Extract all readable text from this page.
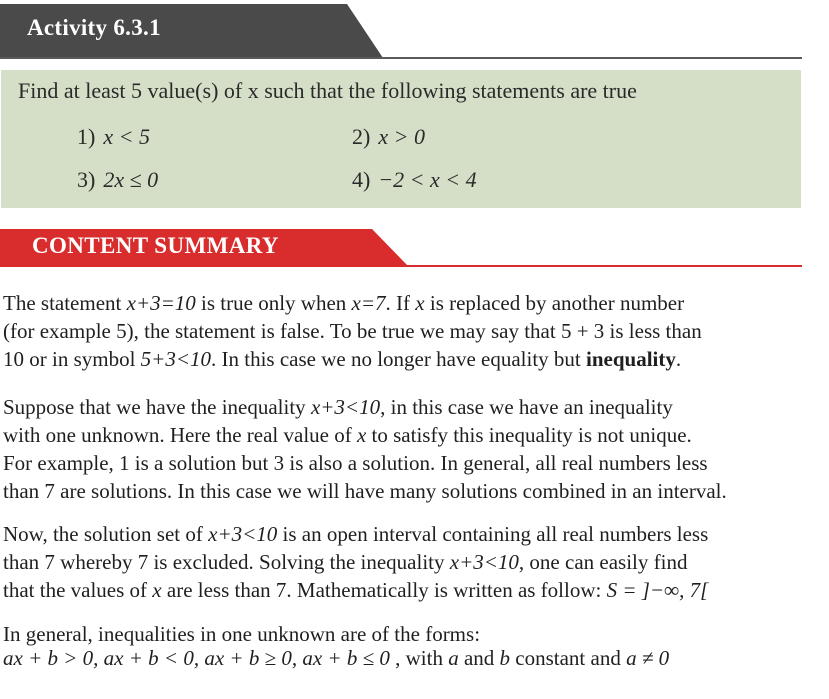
Activity 6.3.1
Find at least 5 value(s) of x such that the following statements are true
1) x < 5	2) x > 0
3) 2x ≤ 0	4) −2 < x < 4
CONTENT SUMMARY
The statement x+3=10 is true only when x=7. If x is replaced by another number
(for example 5), the statement is false. To be true we may say that 5 + 3 is less than
10 or in symbol 5+3<10. In this case we no longer have equality but inequality.
Suppose that we have the inequality x+3<10, in this case we have an inequality
with one unknown. Here the real value of x to satisfy this inequality is not unique.
For example, 1 is a solution but 3 is also a solution. In general, all real numbers less
than 7 are solutions. In this case we will have many solutions combined in an interval.
Now, the solution set of x+3<10 is an open interval containing all real numbers less
than 7 whereby 7 is excluded. Solving the inequality x+3<10, one can easily find
that the values of x are less than 7. Mathematically is written as follow: S = ]−∞, 7[
In general, inequalities in one unknown are of the forms:
ax + b > 0, ax + b < 0, ax + b ≥ 0, ax + b ≤ 0 , with a and b constant and a ≠ 0
